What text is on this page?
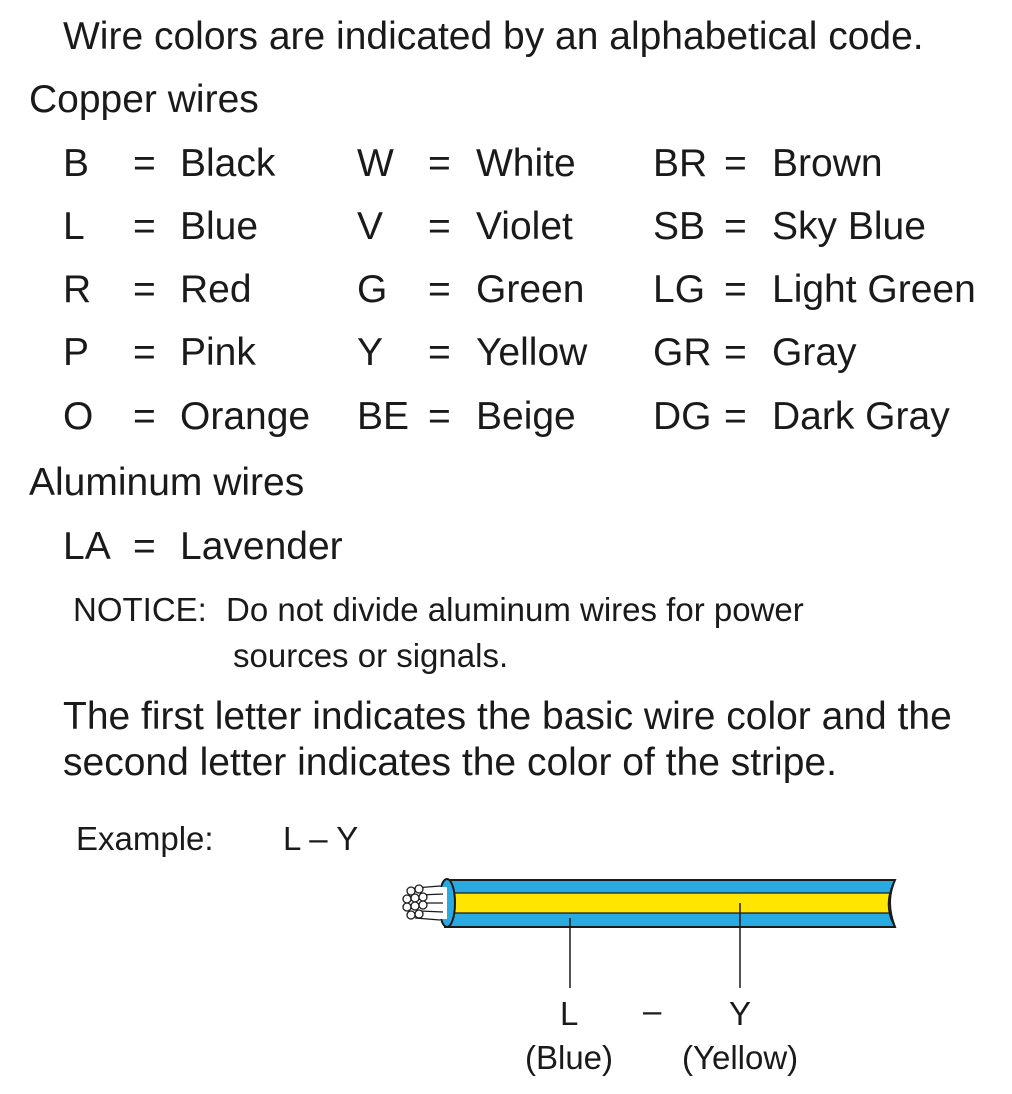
Wire colors are indicated by an alphabetical code.
Copper wires
B = Black W = White BR = Brown
L = Blue	V = Violet SB = Sky Blue
R = Red	G = Green LG = Light Green
P = Pink	Y = Yellow GR = Gray
O = Orange BE = Beige DG = Dark Gray
Aluminum wires
LA = Lavender
NOTICE: Do not divide aluminum wires for power
sources or signals.
The first letter indicates the basic wire color and the
second letter indicates the color of the stripe.
Example: L – Y
L – Y
(Blue) (Yellow)
